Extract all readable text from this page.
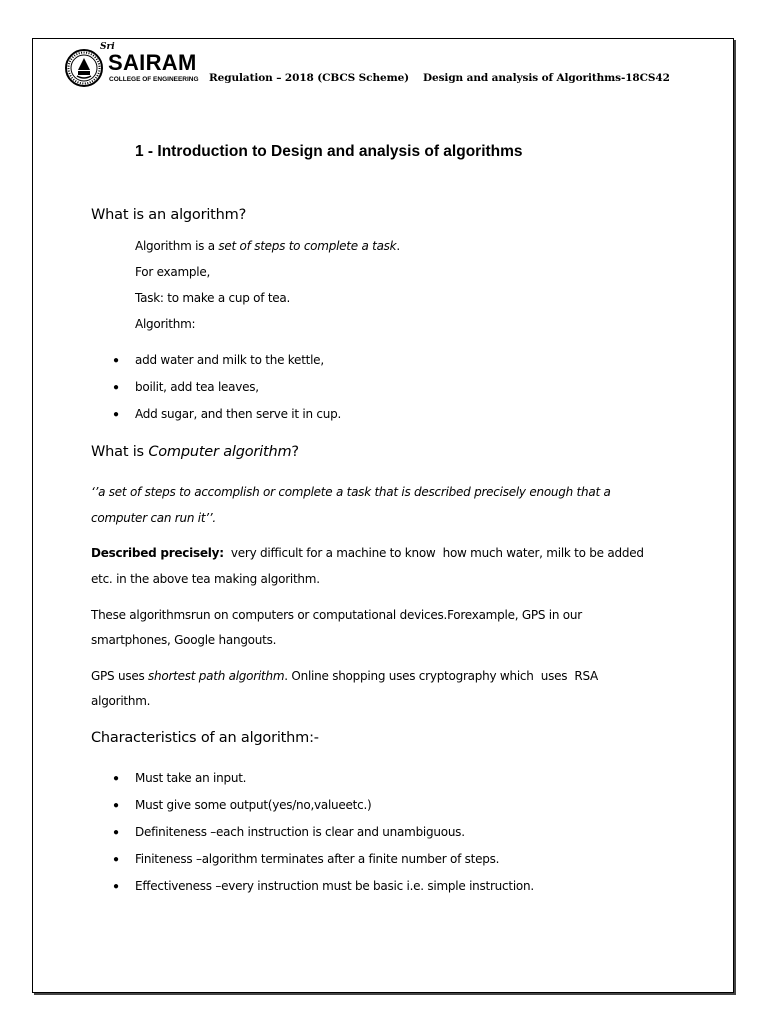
Sri
SAIRAM
COLLEGE OF ENGINEERING Regulation – 2018 (CBCS Scheme) Design and analysis of Algorithms-18CS42
1 - Introduction to Design and analysis of algorithms
What is an algorithm?
Algorithm is a set of steps to complete a task.
For example,
Task: to make a cup of tea.
Algorithm:
● add water and milk to the kettle,
● boilit, add tea leaves,
● Add sugar, and then serve it in cup.
What is Computer algorithm?
‘’a set of steps to accomplish or complete a task that is described precisely enough that a
computer can run it’’.
Described precisely:  very difficult for a machine to know  how much water, milk to be added
etc. in the above tea making algorithm.
These algorithmsrun on computers or computational devices.Forexample, GPS in our
smartphones, Google hangouts.
GPS uses shortest path algorithm. Online shopping uses cryptography which  uses  RSA
algorithm.
Characteristics of an algorithm:-
● Must take an input.
● Must give some output(yes/no,valueetc.)
● Definiteness –each instruction is clear and unambiguous.
● Finiteness –algorithm terminates after a finite number of steps.
● Effectiveness –every instruction must be basic i.e. simple instruction.
